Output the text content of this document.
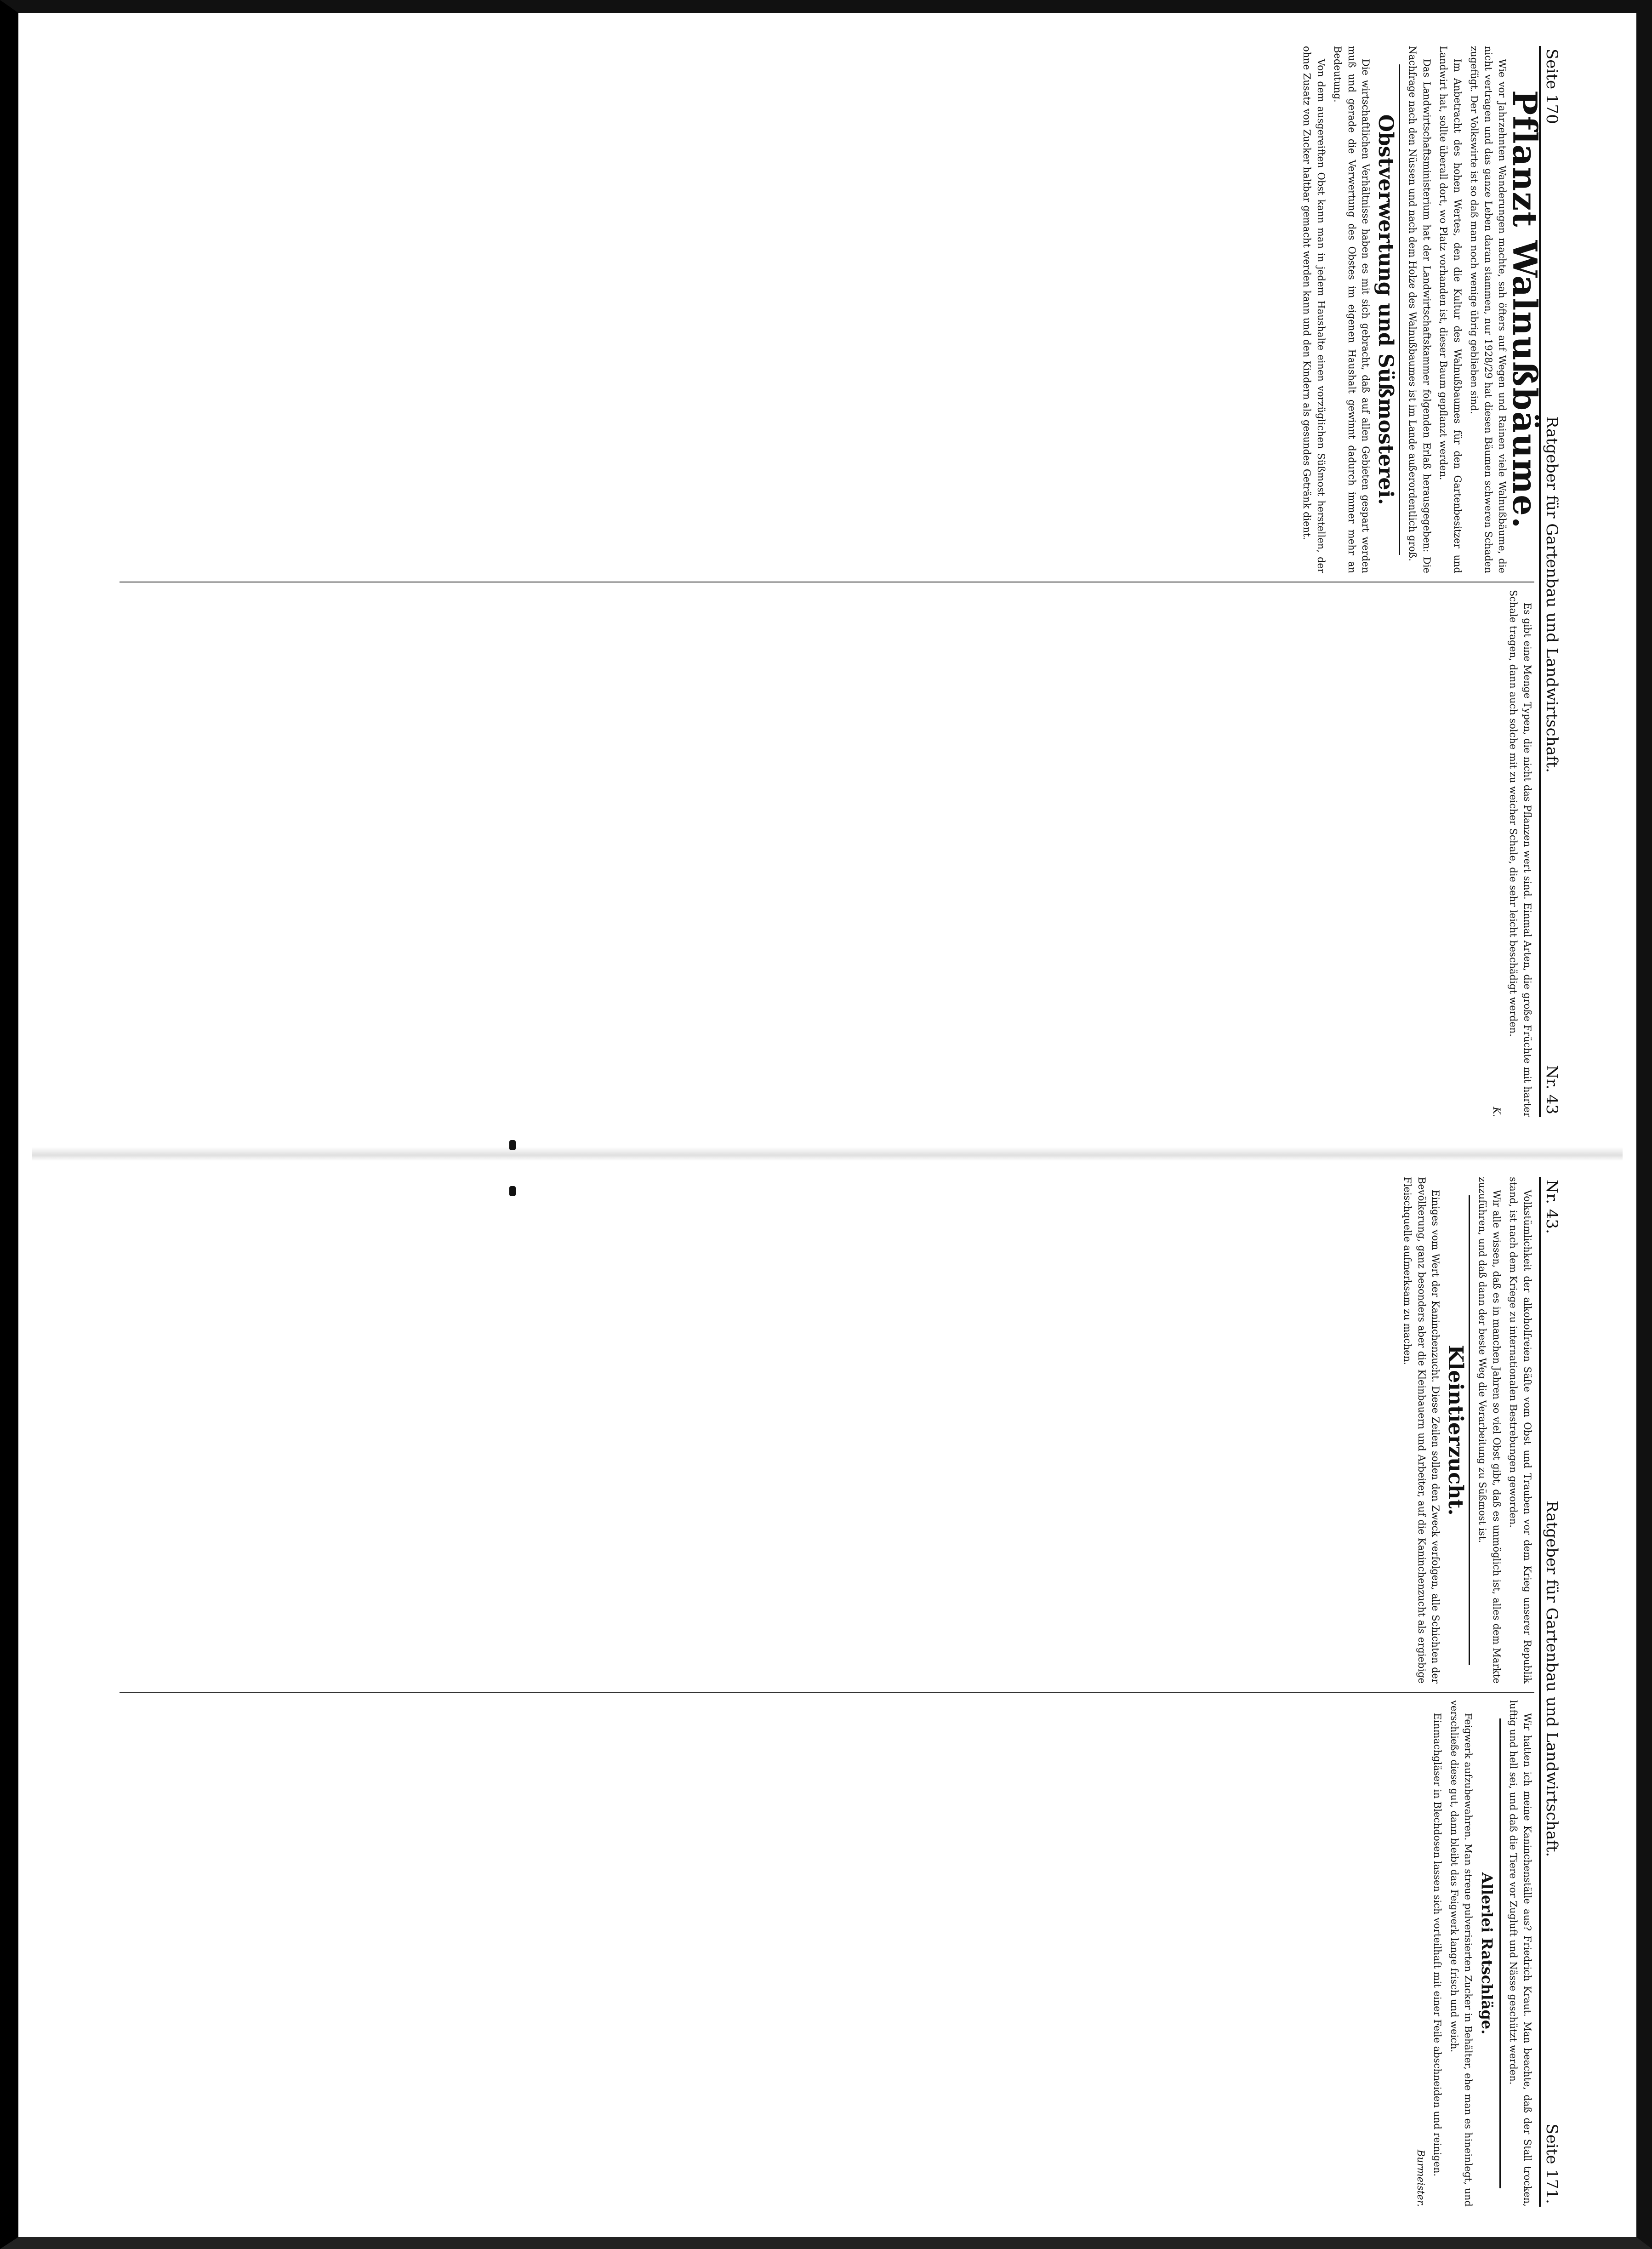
Seite 170
Ratgeber für Gartenbau und Landwirtschaft.
Nr. 43
Pflanzt Walnußbäume.

Wie vor Jahrzehnten Wanderungen machte, sah öfters auf Wegen und Rainen viele Walnußbäume, die nicht vertragen und das ganze Leben daran stammen, nur 1928/29 hat diesen Bäumen schweren Schaden zugefügt. Der Volkswirte ist so daß man noch wenige übrig geblieben sind.

Im Anbetracht des hohen Wertes, den die Kultur des Walnußbaumes für den Gartenbesitzer und Landwirt hat, sollte überall dort, wo Platz vorhanden ist, dieser Baum gepflanzt werden.

Das Landwirtschaftsministerium hat der Landwirtschaftskammer folgenden Erlaß herausgegeben: Die Nachfrage nach den Nüssen und nach dem Holze des Walnußbaumes ist im Lande außerordentlich groß.

Obstverwertung und Süßmosterei.

Die wirtschaftlichen Verhältnisse haben es mit sich gebracht, daß auf allen Gebieten gespart werden muß und gerade die Verwertung des Obstes im eigenen Haushalt gewinnt dadurch immer mehr an Bedeutung.

Von dem ausgereiften Obst kann man in jedem Haushalte einen vorzüglichen Süßmost herstellen, der ohne Zusatz von Zucker haltbar gemacht werden kann und den Kindern als gesundes Getränk dient.

Es gibt eine Menge Typen, die nicht das Pflanzen wert sind. Einmal Arten, die große Früchte mit harter Schale tragen, dann auch solche mit zu weicher Schale, die sehr leicht beschädigt werden.

K.
Nr. 43.
Ratgeber für Gartenbau und Landwirtschaft.
Seite 171.

Volkstümlichkeit der alkoholfreien Säfte vom Obst und Trauben vor dem Krieg unserer Republik stand, ist nach dem Kriege zu internationalen Bestrebungen geworden.

Wir alle wissen, daß es in manchen Jahren so viel Obst gibt, daß es unmöglich ist, alles dem Markte zuzuführen, und daß dann der beste Weg die Verarbeitung zu Süßmost ist.

Kleintierzucht.

Einiges vom Wert der Kaninchenzucht. Diese Zeilen sollen den Zweck verfolgen, alle Schichten der Bevölkerung, ganz besonders aber die Kleinbauern und Arbeiter, auf die Kaninchenzucht als ergiebige Fleischquelle aufmerksam zu machen.

Wir hatten ich meine Kaninchenställe aus? Friedrich Kraut. Man beachte, daß der Stall trocken, luftig und hell sei, und daß die Tiere vor Zugluft und Nässe geschützt werden.

Allerlei Ratschläge.

Feigwerk aufzubewahren. Man streue pulverisierten Zucker in Behälter, ehe man es hineinlegt, und verschließe diese gut, dann bleibt das Feigwerk lange frisch und weich.

Einmachgläser in Blechdosen lassen sich vorteilhaft mit einer Feile abschneiden und reinigen.

Burmeister.
